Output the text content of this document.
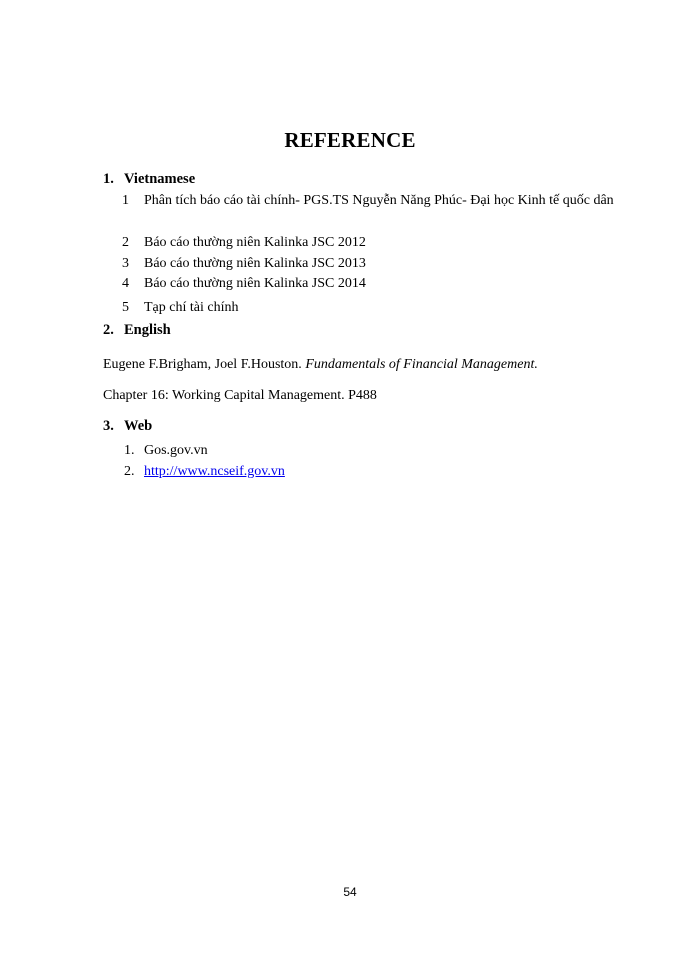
REFERENCE
1. Vietnamese
1 Phân tích báo cáo tài chính- PGS.TS Nguyễn Năng Phúc- Đại học Kinh tế quốc dân
2 Báo cáo thường niên Kalinka JSC 2012
3 Báo cáo thường niên Kalinka JSC 2013
4 Báo cáo thường niên Kalinka JSC 2014
5 Tạp chí tài chính
2. English
Eugene F.Brigham, Joel F.Houston. Fundamentals of Financial Management.
Chapter 16: Working Capital Management. P488
3. Web
1. Gos.gov.vn
2. http://www.ncseif.gov.vn
54
